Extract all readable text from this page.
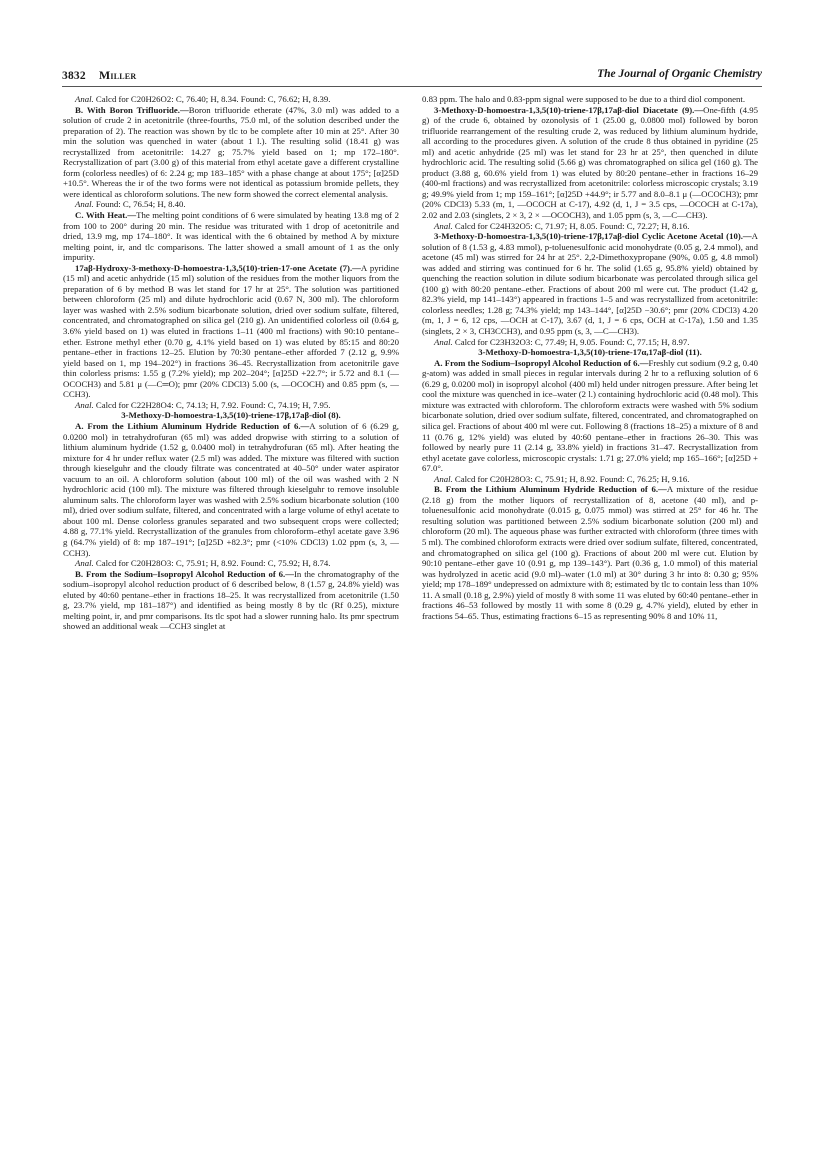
3832 Miller	The Journal of Organic Chemistry

Anal. Calcd for C20H26O2: C, 76.40; H, 8.34. Found: C, 76.62; H, 8.39.

B. With Boron Trifluoride.—Boron trifluoride etherate (47%, 3.0 ml) was added to a solution of crude 2 in acetonitrile (three-fourths, 75.0 ml, of the solution described under the preparation of 2). The reaction was shown by tlc to be complete after 10 min at 25°. After 30 min the solution was quenched in water (about 1 l.). The resulting solid (18.41 g) was recrystallized from acetonitrile: 14.27 g; 75.7% yield based on 1; mp 172–180°. Recrystallization of part (3.00 g) of this material from ethyl acetate gave a different crystalline form (colorless needles) of 6: 2.24 g; mp 183–185° with a phase change at about 175°; [α]25D +10.5°. Whereas the ir of the two forms were not identical as potassium bromide pellets, they were identical as chloroform solutions. The new form showed the correct elemental analysis.

Anal. Found: C, 76.54; H, 8.40.

C. With Heat.—The melting point conditions of 6 were simulated by heating 13.8 mg of 2 from 100 to 200° during 20 min. The residue was triturated with 1 drop of acetonitrile and dried, 13.9 mg, mp 174–180°. It was identical with the 6 obtained by method A by mixture melting point, ir, and tlc comparisons. The latter showed a small amount of 1 as the only impurity.

17aβ-Hydroxy-3-methoxy-D-homoestra-1,3,5(10)-trien-17-one Acetate (7).—A pyridine (15 ml) and acetic anhydride (15 ml) solution of the residues from the mother liquors from the preparation of 6 by method B was let stand for 17 hr at 25°. The solution was partitioned between chloroform (25 ml) and dilute hydrochloric acid (0.67 N, 300 ml). The chloroform layer was washed with 2.5% sodium bicarbonate solution, dried over sodium sulfate, filtered, concentrated, and chromatographed on silica gel (210 g). An unidentified colorless oil (0.64 g, 3.6% yield based on 1) was eluted in fractions 1–11 (400 ml fractions) with 90:10 pentane–ether. Estrone methyl ether (0.70 g, 4.1% yield based on 1) was eluted by 85:15 and 80:20 pentane–ether in fractions 12–25. Elution by 70:30 pentane–ether afforded 7 (2.12 g, 9.9% yield based on 1, mp 194–202°) in fractions 36–45. Recrystallization from acetonitrile gave thin colorless prisms: 1.55 g (7.2% yield); mp 202–204°; [α]25D +22.7°; ir 5.72 and 8.1 (—OCOCH3) and 5.81 μ (—C═O); pmr (20% CDCl3) 5.00 (s, —OCOCH) and 0.85 ppm (s, —CCH3).

Anal. Calcd for C22H28O4: C, 74.13; H, 7.92. Found: C, 74.19; H, 7.95.

3-Methoxy-D-homoestra-1,3,5(10)-triene-17β,17aβ-diol (8).

A. From the Lithium Aluminum Hydride Reduction of 6.—A solution of 6 (6.29 g, 0.0200 mol) in tetrahydrofuran (65 ml) was added dropwise with stirring to a solution of lithium aluminum hydride (1.52 g, 0.0400 mol) in tetrahydrofuran (65 ml). After heating the mixture for 4 hr under reflux water (2.5 ml) was added. The mixture was filtered with suction through kieselguhr and the cloudy filtrate was concentrated at 40–50° under water aspirator vacuum to an oil. A chloroform solution (about 100 ml) of the oil was washed with 2 N hydrochloric acid (100 ml). The mixture was filtered through kieselguhr to remove insoluble aluminum salts. The chloroform layer was washed with 2.5% sodium bicarbonate solution (100 ml), dried over sodium sulfate, filtered, and concentrated with a large volume of ethyl acetate to about 100 ml. Dense colorless granules separated and two subsequent crops were collected; 4.88 g, 77.1% yield. Recrystallization of the granules from chloroform–ethyl acetate gave 3.96 g (64.7% yield) of 8: mp 187–191°; [α]25D +82.3°; pmr (<10% CDCl3) 1.02 ppm (s, 3, —CCH3).

Anal. Calcd for C20H28O3: C, 75.91; H, 8.92. Found: C, 75.92; H, 8.74.

B. From the Sodium–Isopropyl Alcohol Reduction of 6.—In the chromatography of the sodium–isopropyl alcohol reduction product of 6 described below, 8 (1.57 g, 24.8% yield) was eluted by 40:60 pentane–ether in fractions 18–25. It was recrystallized from acetonitrile (1.50 g, 23.7% yield, mp 181–187°) and identified as being mostly 8 by tlc (Rf 0.25), mixture melting point, ir, and pmr comparisons. Its tlc spot had a slower running halo. Its pmr spectrum showed an additional weak —CCH3 singlet at

0.83 ppm. The halo and 0.83-ppm signal were supposed to be due to a third diol component.

3-Methoxy-D-homoestra-1,3,5(10)-triene-17β,17aβ-diol Diacetate (9).—One-fifth (4.95 g) of the crude 6, obtained by ozonolysis of 1 (25.00 g, 0.0800 mol) followed by boron trifluoride rearrangement of the resulting crude 2, was reduced by lithium aluminum hydride, all according to the procedures given. A solution of the crude 8 thus obtained in pyridine (25 ml) and acetic anhydride (25 ml) was let stand for 23 hr at 25°, then quenched in dilute hydrochloric acid. The resulting solid (5.66 g) was chromatographed on silica gel (160 g). The product (3.88 g, 60.6% yield from 1) was eluted by 80:20 pentane–ether in fractions 16–29 (400-ml fractions) and was recrystallized from acetonitrile: colorless microscopic crystals; 3.19 g; 49.9% yield from 1; mp 159–161°; [α]25D +44.9°; ir 5.77 and 8.0–8.1 μ (—OCOCH3); pmr (20% CDCl3) 5.33 (m, 1, —OCOCH at C-17), 4.92 (d, 1, J = 3.5 cps, —OCOCH at C-17a), 2.02 and 2.03 (singlets, 2 × 3, 2 × —OCOCH3), and 1.05 ppm (s, 3, —C—CH3).

Anal. Calcd for C24H32O5: C, 71.97; H, 8.05. Found: C, 72.27; H, 8.16.

3-Methoxy-D-homoestra-1,3,5(10)-triene-17β,17aβ-diol Cyclic Acetone Acetal (10).—A solution of 8 (1.53 g, 4.83 mmol), p-toluenesulfonic acid monohydrate (0.05 g, 2.4 mmol), and acetone (45 ml) was stirred for 24 hr at 25°. 2,2-Dimethoxypropane (90%, 0.05 g, 4.8 mmol) was added and stirring was continued for 6 hr. The solid (1.65 g, 95.8% yield) obtained by quenching the reaction solution in dilute sodium bicarbonate was percolated through silica gel (100 g) with 80:20 pentane–ether. Fractions of about 200 ml were cut. The product (1.42 g, 82.3% yield, mp 141–143°) appeared in fractions 1–5 and was recrystallized from acetonitrile: colorless needles; 1.28 g; 74.3% yield; mp 143–144°, [α]25D −30.6°; pmr (20% CDCl3) 4.20 (m, 1, J = 6, 12 cps, —OCH at C-17), 3.67 (d, 1, J = 6 cps, OCH at C-17a), 1.50 and 1.35 (singlets, 2 × 3, CH3CCH3), and 0.95 ppm (s, 3, —C—CH3).

Anal. Calcd for C23H32O3: C, 77.49; H, 9.05. Found: C, 77.15; H, 8.97.

3-Methoxy-D-homoestra-1,3,5(10)-triene-17α,17aβ-diol (11).

A. From the Sodium–Isopropyl Alcohol Reduction of 6.—Freshly cut sodium (9.2 g, 0.40 g-atom) was added in small pieces in regular intervals during 2 hr to a refluxing solution of 6 (6.29 g, 0.0200 mol) in isopropyl alcohol (400 ml) held under nitrogen pressure. After being let cool the mixture was quenched in ice–water (2 l.) containing hydrochloric acid (0.48 mol). This mixture was extracted with chloroform. The chloroform extracts were washed with 5% sodium bicarbonate solution, dried over sodium sulfate, filtered, concentrated, and chromatographed on silica gel. Fractions of about 400 ml were cut. Following 8 (fractions 18–25) a mixture of 8 and 11 (0.76 g, 12% yield) was eluted by 40:60 pentane–ether in fractions 26–30. This was followed by nearly pure 11 (2.14 g, 33.8% yield) in fractions 31–47. Recrystallization from ethyl acetate gave colorless, microscopic crystals: 1.71 g; 27.0% yield; mp 165–166°; [α]25D + 67.0°.

Anal. Calcd for C20H28O3: C, 75.91; H, 8.92. Found: C, 76.25; H, 9.16.

B. From the Lithium Aluminum Hydride Reduction of 6.—A mixture of the residue (2.18 g) from the mother liquors of recrystallization of 8, acetone (40 ml), and p-toluenesulfonic acid monohydrate (0.015 g, 0.075 mmol) was stirred at 25° for 46 hr. The resulting solution was partitioned between 2.5% sodium bicarbonate solution (200 ml) and chloroform (20 ml). The aqueous phase was further extracted with chloroform (three times with 5 ml). The combined chloroform extracts were dried over sodium sulfate, filtered, concentrated, and chromatographed on silica gel (100 g). Fractions of about 200 ml were cut. Elution by 90:10 pentane–ether gave 10 (0.91 g, mp 139–143°). Part (0.36 g, 1.0 mmol) of this material was hydrolyzed in acetic acid (9.0 ml)–water (1.0 ml) at 30° during 3 hr into 8: 0.30 g; 95% yield; mp 178–189° undepressed on admixture with 8; estimated by tlc to contain less than 10% 11. A small (0.18 g, 2.9%) yield of mostly 8 with some 11 was eluted by 60:40 pentane–ether in fractions 46–53 followed by mostly 11 with some 8 (0.29 g, 4.7% yield), eluted by ether in fractions 54–65. Thus, estimating fractions 6–15 as representing 90% 8 and 10% 11,
